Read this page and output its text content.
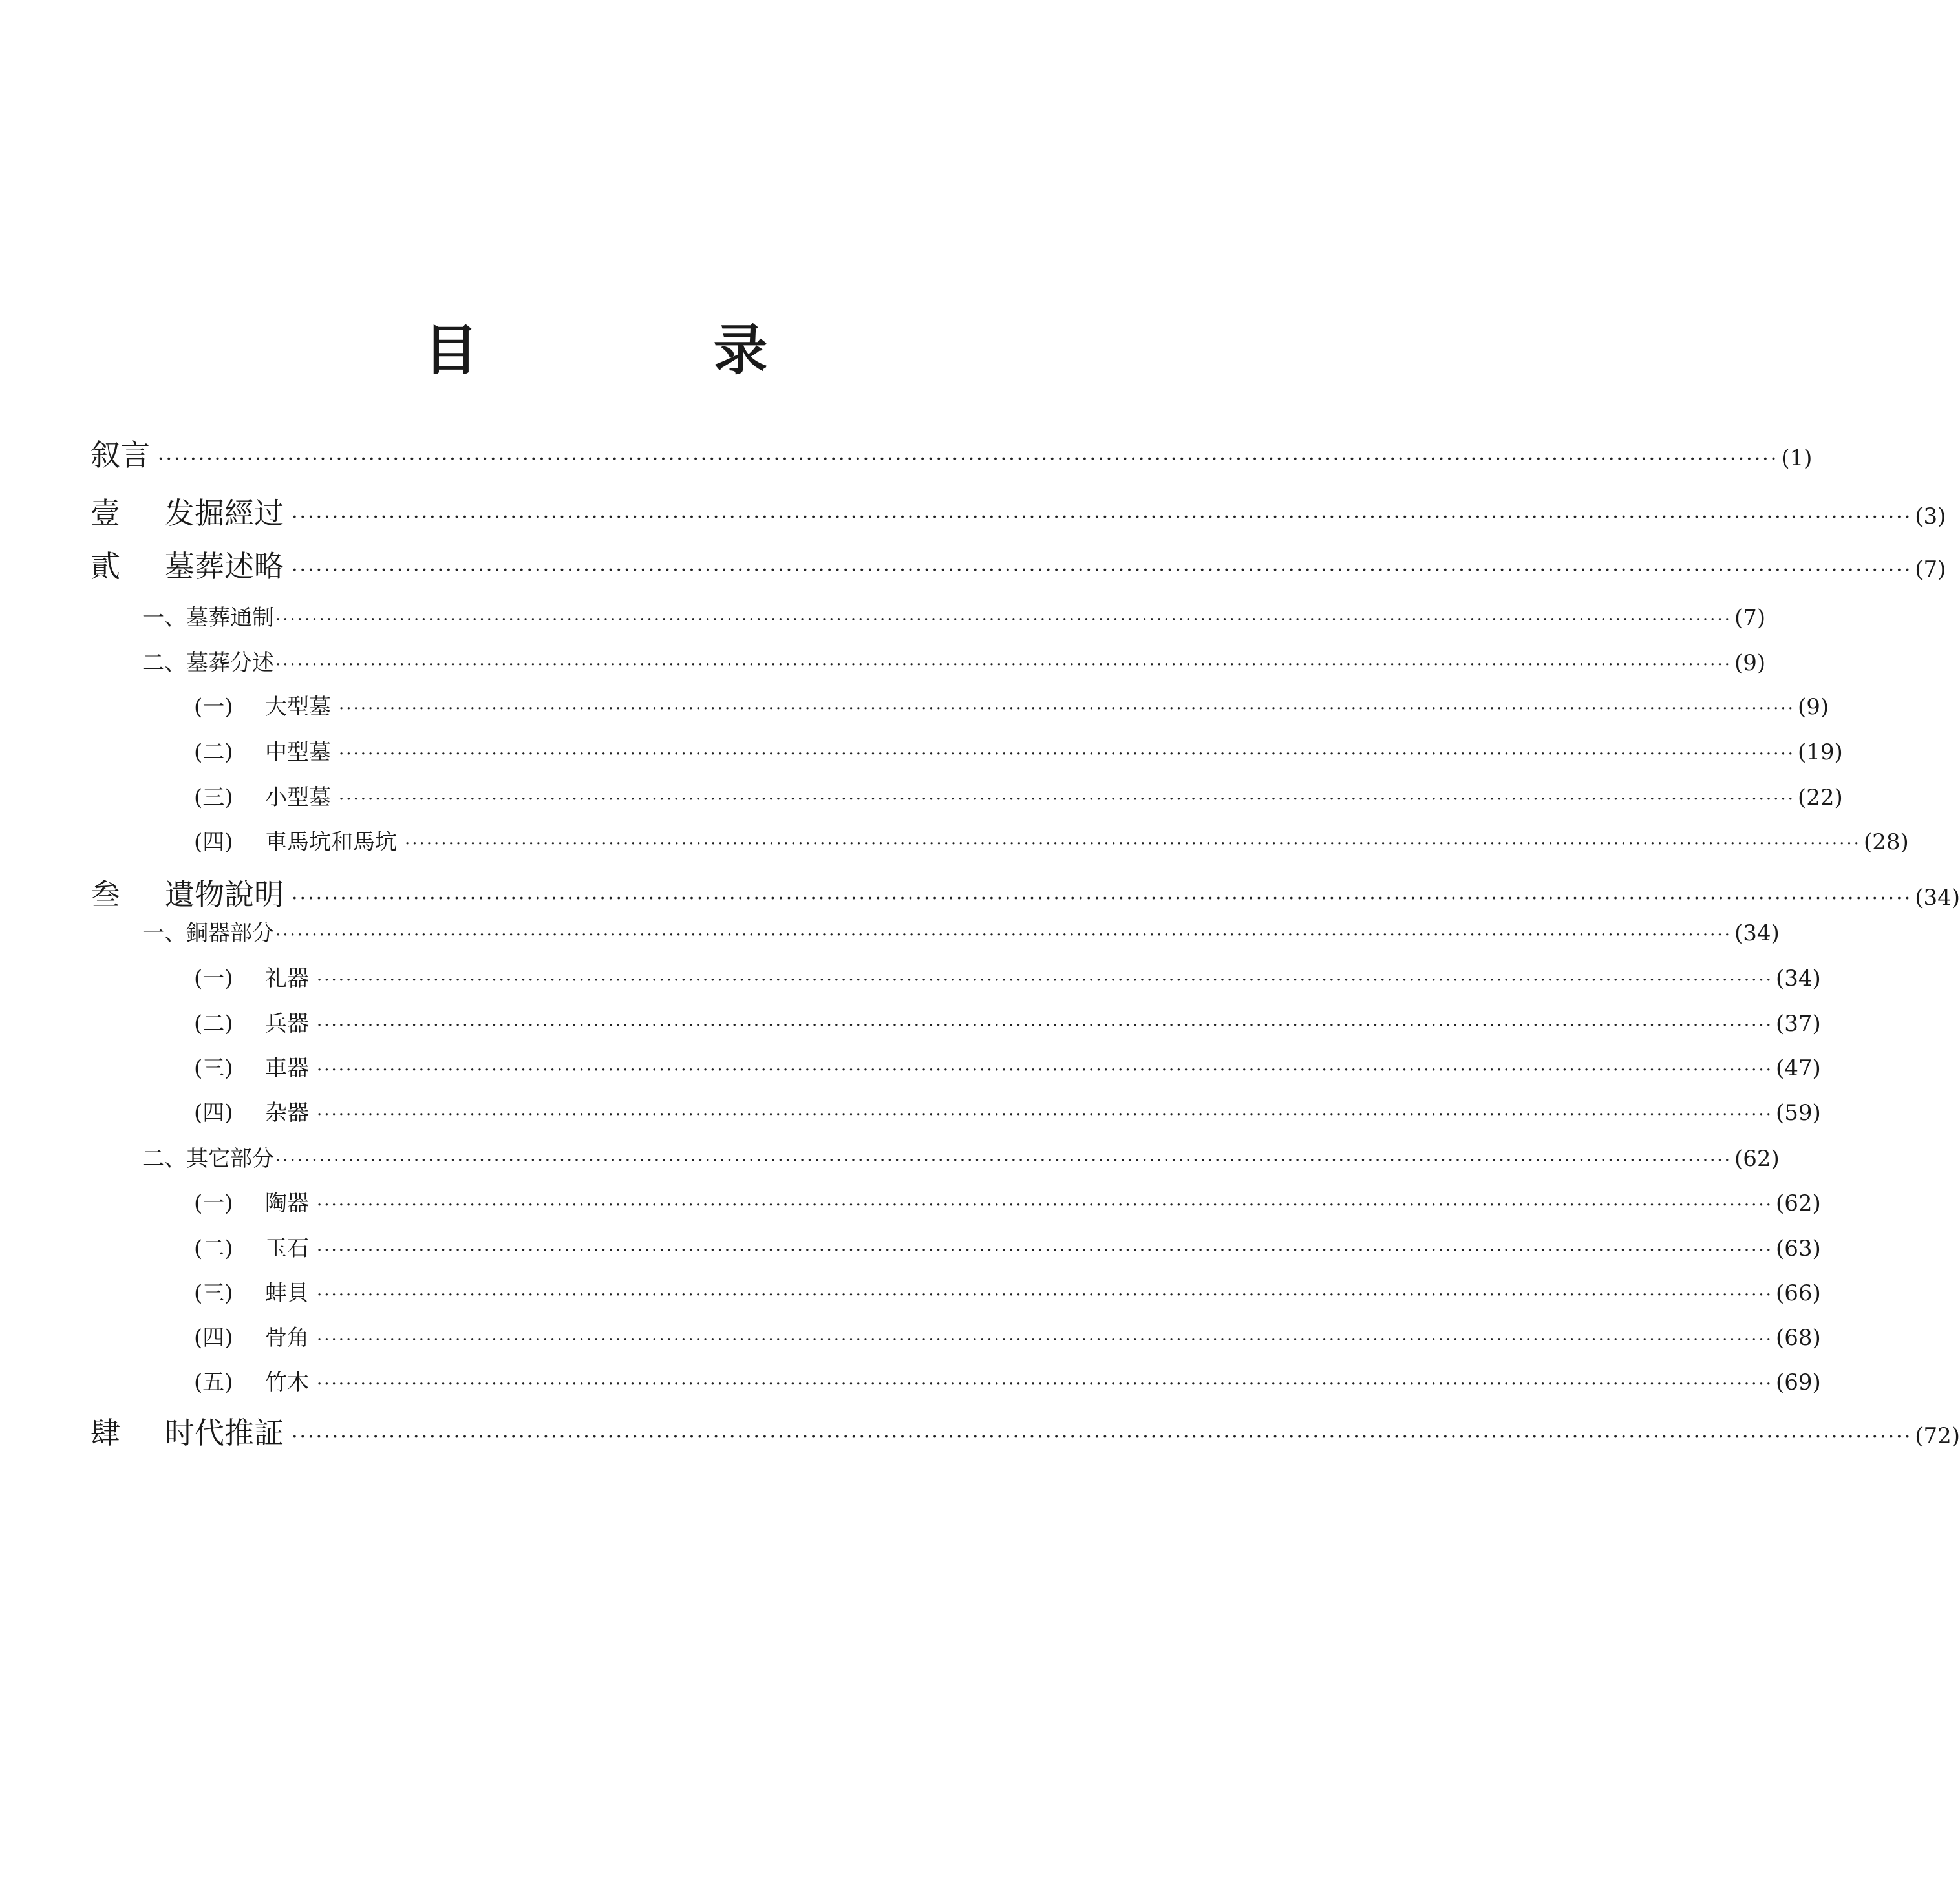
目　录
叙言 ········································································································································································································ ( 1 )
壹	发掘經过 ········································································································································································································ ( 3 )
貳	墓葬述略 ········································································································································································································ ( 7 )
一、墓葬通制 ········································································································································································································ ( 7 )
二、墓葬分述 ········································································································································································································ ( 9 )
(一)	大型墓 ········································································································································································································ ( 9 )
(二)	中型墓 ········································································································································································································ ( 19 )
(三)	小型墓 ········································································································································································································ ( 22 )
(四)	車馬坑和馬坑 ········································································································································································································ ( 28 )
叁	遺物說明 ········································································································································································································ ( 34 )
一、銅器部分 ········································································································································································································ ( 34 )
(一)	礼器 ········································································································································································································ ( 34 )
(二)	兵器 ········································································································································································································ ( 37 )
(三)	車器 ········································································································································································································ ( 47 )
(四)	杂器 ········································································································································································································ ( 59 )
二、其它部分 ········································································································································································································ ( 62 )
(一)	陶器 ········································································································································································································ ( 62 )
(二)	玉石 ········································································································································································································ ( 63 )
(三)	蚌貝 ········································································································································································································ ( 66 )
(四)	骨角 ········································································································································································································ ( 68 )
(五)	竹木 ········································································································································································································ ( 69 )
肆	时代推証 ········································································································································································································ ( 72 )
